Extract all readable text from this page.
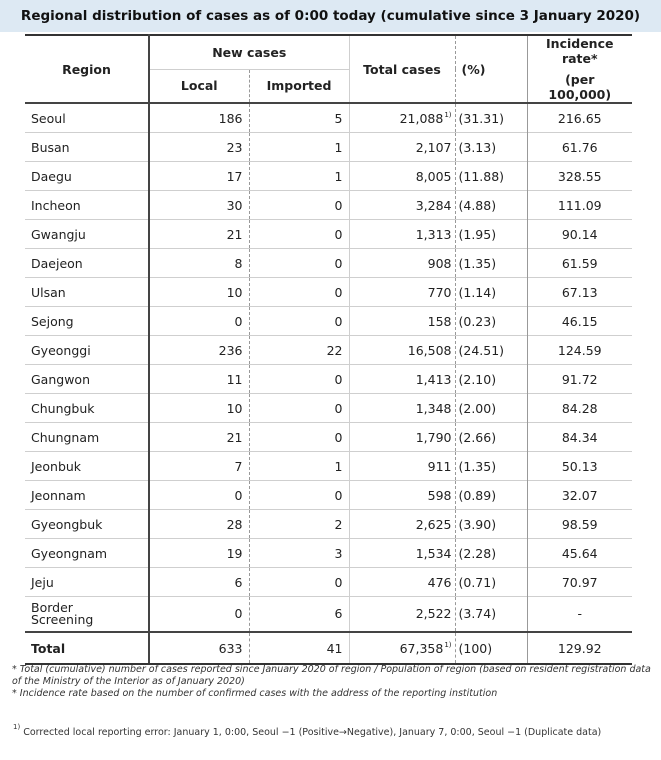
Regional distribution of cases as of 0:00 today (cumulative since 3 January 2020)
Region	New cases		Total cases	(%)	Incidence rate*
(per 100,000)

	Local	Imported			
Seoul	186	5	21,088$^{1)}$	(31.31)	216.65
Busan	23	1	2,107	(3.13)	61.76
Daegu	17	1	8,005	(11.88)	328.55
Incheon	30	0	3,284	(4.88)	111.09
Gwangju	21	0	1,313	(1.95)	90.14
Daejeon	8	0	908	(1.35)	61.59
Ulsan	10	0	770	(1.14)	67.13
Sejong	0	0	158	(0.23)	46.15
Gyeonggi	236	22	16,508	(24.51)	124.59
Gangwon	11	0	1,413	(2.10)	91.72
Chungbuk	10	0	1,348	(2.00)	84.28
Chungnam	21	0	1,790	(2.66)	84.34
Jeonbuk	7	1	911	(1.35)	50.13
Jeonnam	0	0	598	(0.89)	32.07
Gyeongbuk	28	2	2,625	(3.90)	98.59
Gyeongnam	19	3	1,534	(2.28)	45.64
Jeju	6	0	476	(0.71)	70.97

Border
Screening	0	6	2,522	(3.74)	-
Total	633	41	67,358$^{1)}$	(100)	129.92
* Total (cumulative) number of cases reported since January 2020 of region / Population of region (based on resident registration data of the Ministry of the Interior as of January 2020)
* Incidence rate based on the number of confirmed cases with the address of the reporting institution
$^{1)}$ Corrected local reporting error: January 1, 0:00, Seoul −1 (Positive→Negative), January 7, 0:00, Seoul −1 (Duplicate data)
